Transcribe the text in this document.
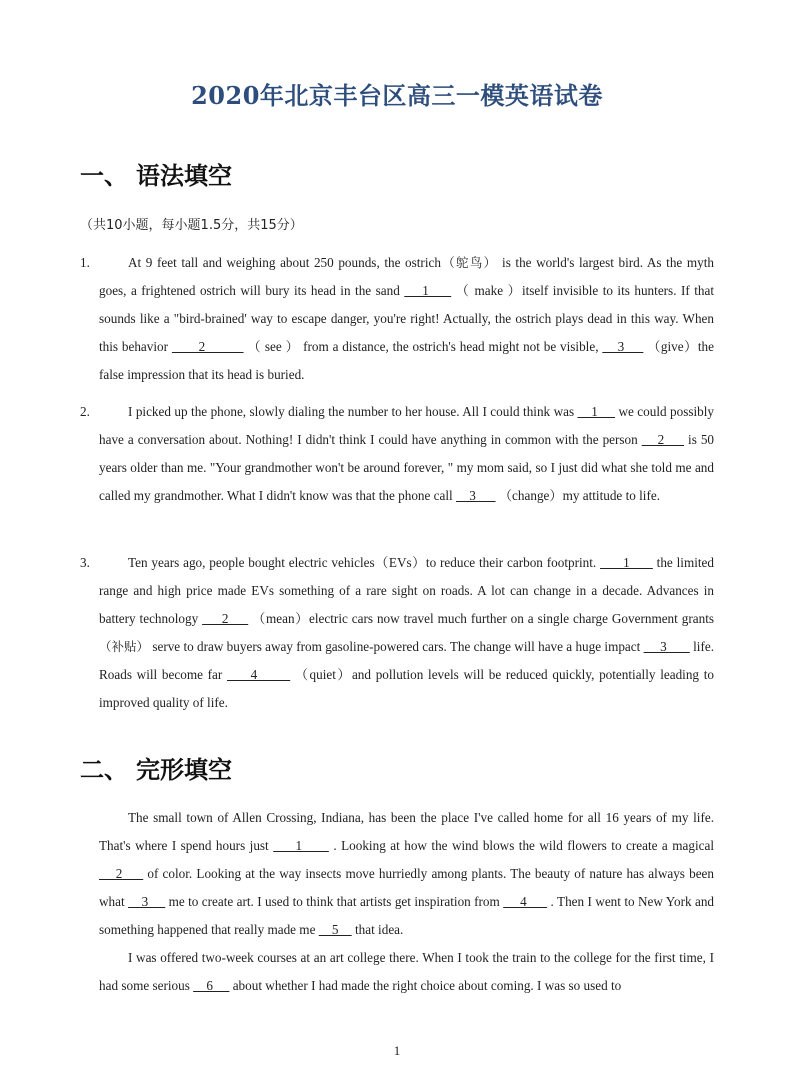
2020年北京丰台区高三一模英语试卷
一、 语法填空
（共10小题，每小题1.5分，共15分）
1.	At 9 feet tall and weighing about 250 pounds, the ostrich（鸵鸟） is the world's largest bird. As the myth goes, a frightened ostrich will bury its head in the sand     1      （ make ）itself invisible to its hunters. If that sounds like a "bird-brained' way to escape danger, you're right! Actually, the ostrich plays dead in this way. When this behavior        2           （ see ） from a distance, the ostrich's head might not be visible,     3      （give）the false impression that its head is buried.
2.	I picked up the phone, slowly dialing the number to her house. All I could think was     1      we could possibly have a conversation about. Nothing! I didn't think I could have anything in common with the person     2      is 50 years older than me. "Your grandmother won't be around forever, " my mom said, so I just did what she told me and called my grandmother. What I didn't know was that the phone call     3       （change）my attitude to life.
3.	Ten years ago, people bought electric vehicles（EVs）to reduce their carbon footprint.       1       the limited range and high price made EVs something of a rare sight on roads. A lot can change in a decade. Advances in battery technology      2      （mean）electric cars now travel much further on a single charge Government grants（补贴） serve to draw buyers away from gasoline-powered cars. The change will have a huge impact      3        life. Roads will become far      4        （quiet）and pollution levels will be reduced quickly, potentially leading to improved quality of life.
二、 完形填空
The small town of Allen Crossing, Indiana, has been the place I've called home for all 16 years of my life. That's where I spend hours just      1       . Looking at how the wind blows the wild flowers to create a magical     2      of color. Looking at the way insects move hurriedly among plants. The beauty of nature has always been what     3      me to create art. I used to think that artists get inspiration from      4       . Then I went to New York and something happened that really made me     5     that idea.
I was offered two-week courses at an art college there. When I took the train to the college for the first time, I had some serious     6      about whether I had made the right choice about coming. I was so used to
1
